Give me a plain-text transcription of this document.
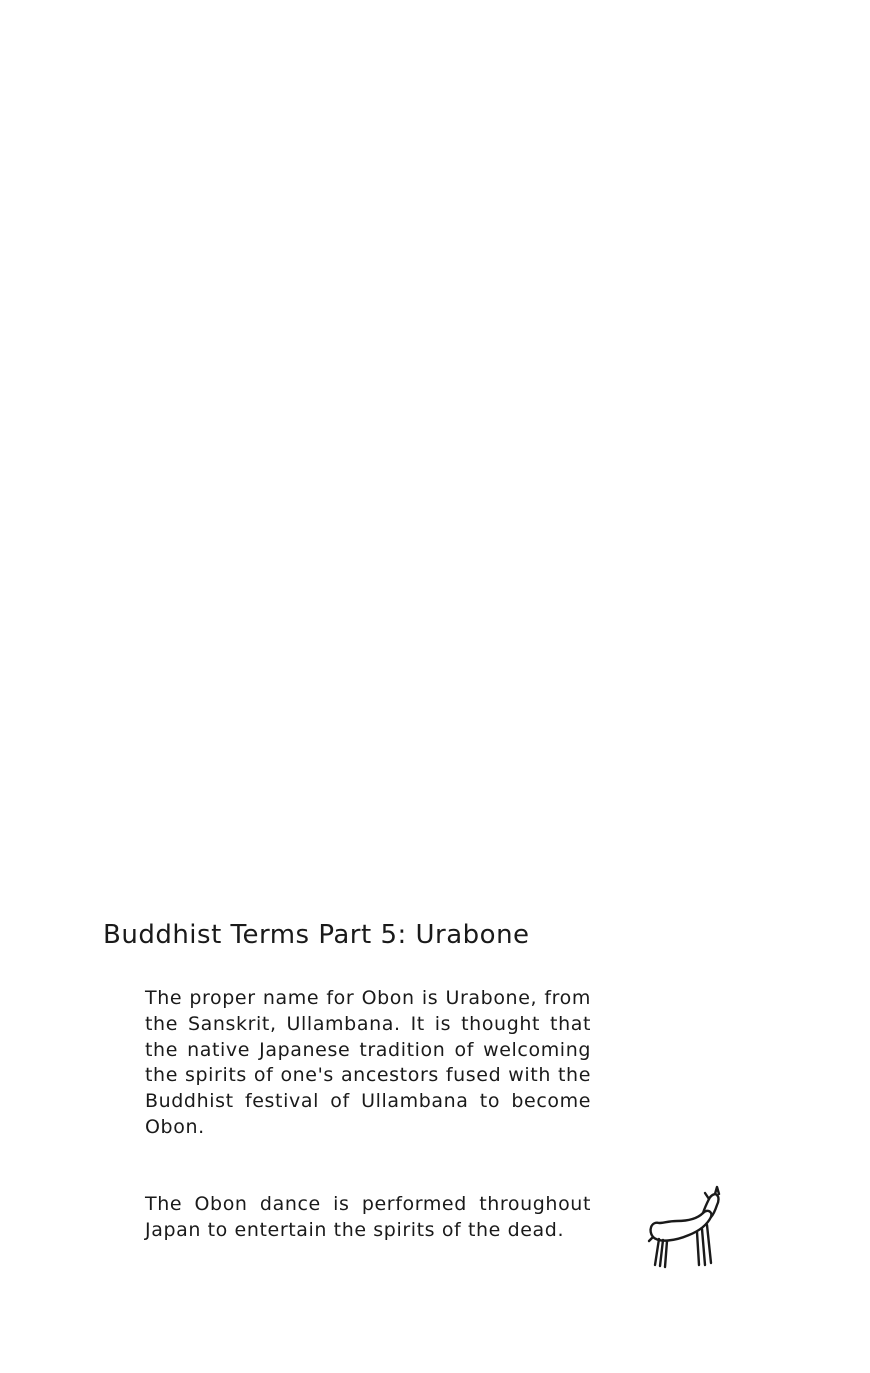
Buddhist Terms Part 5: Urabone

The proper name for Obon is Urabone, from the Sanskrit, Ullambana. It is thought that the native Japanese tradition of welcoming the spirits of one's ancestors fused with the Buddhist festival of Ullambana to become Obon.

The Obon dance is performed throughout Japan to entertain the spirits of the dead.
